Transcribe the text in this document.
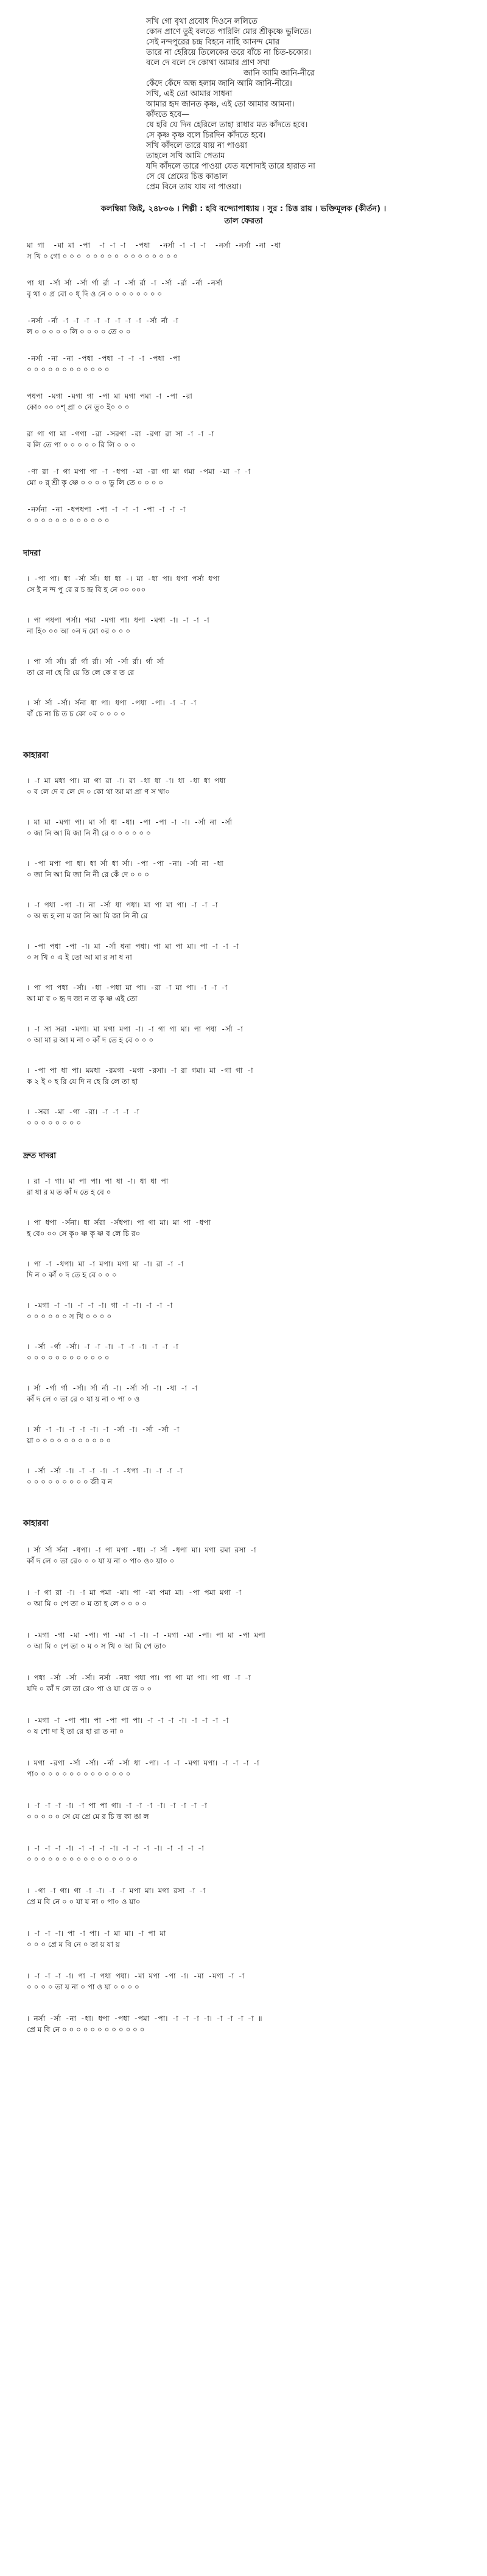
সখি গো বৃথা প্রবোধ দিওনে ললিতে
কোন প্রাণে তুই বলতে পারিলি মোর শ্রীকৃষ্ণে ভুলিতে।
সেই নন্দপুরের চন্দ্র বিহনে নাহি আনন্দ মোর
তারে না হেরিয়ে তিলেকের তরে বাঁচে না চিত-চকোর।
বলে দে বলে দে কোথা আমার প্রাণ সখা
জানি আমি জানি-নীরে
কেঁদে কেঁদে অন্ধ হলাম জানি আমি জানি-নীরে।
সখি, এই তো আমার সাধনা
আমার হৃদ জানত কৃষ্ণ, এই তো আমার আমনা।
কাঁদতে হবে—
যে হরি যে দিন হেরিলে তাহা রাধার মত কাঁদতে হবে।
সে কৃষ্ণ কৃষ্ণ বলে চিরদিন কাঁদতে হবে।
সখি কাঁদলে তারে যায় না পাওয়া
তাহলে সখি আমি পেতাম
যদি কাঁদলে তারে পাওয়া যেত যশোদাই তারে হারাত না
সে যে প্রেমের চিত্ত কাঙাল
প্রেম বিনে তায় যায় না পাওয়া।
কলম্বিয়া জিই, ২৪৮০৬ । শিল্পী : হবি বন্দ্যোপাধ্যায় । সুর : চিত্ত রায় । ভক্তিমূলক (কীর্তন) ।
তাল ফেরতা
মা গা  -মা মা -পা  -া -া -া  -পধা  -নর্সা -া -া -া  -নর্সা -নর্সা -না -ধা
স খি ০ গো ০ ০ ০  ০ ০ ০ ০ ০  ০ ০ ০ ০ ০ ০ ০ ০
পা ধা -র্সা র্সা -র্সা র্গা র্রা -া -র্সা র্রা -া -র্সা -র্রা -র্না -নর্সা
বৃ থা ০ প্র বো ০ ধ্ দি ও নে ০ ০ ০ ০ ০ ০ ০ ০
-নর্সা -র্না -া -া -া -া -া -া -া -া -র্সা র্না -া
ল ০ ০ ০ ০ ০ লি ০ ০ ০ ০ তে ০ ০
-নর্সা -না -না -পধা -পধা -া -া -া -পধা -পা
০ ০ ০ ০ ০ ০ ০ ০ ০ ০ ০ ০
পধপা -মগা -মগা গা -পা মা মগা পমা -া -পা -রা
কো০ ০০ ০শ্ প্রা ০ নে তু০ ই০ ০ ০
রা গা গা মা -গগা -রা -সরগা -রা -রগা রা সা -া -া -া
ব লি তে পা ০ ০ ০ ০ ০ রি লি ০ ০ ০
-ণা রা -া গা মপা পা -া -ধপা -মা -রা গা মা গমা -পমা -মা -া -া
মো ০ র্ শ্রী কৃ ষ্ণে ০ ০ ০ ০ ভু লি তে ০ ০ ০ ০
-নর্সনা -না -ধপধপা -পা -া -া -া -পা -া -া -া
০ ০ ০ ০ ০ ০ ০ ০ ০ ০ ০ ০
দাদরা
। -পা পা। ধা -র্সা র্সা। ধা ধা -। মা -ধা পা। ধপা পর্সা ধপা
সে ই ন ন্দ পু রে র চ ন্দ্র বি হ নে ০০ ০০০
। পা পধপা পর্সা। পমা -মগা পা। ধপা -মগা -া। -া -া -া
না হি০ ০০ আ ০ন দ মো ০র ০ ০ ০
। পা র্সা র্সা। র্রা র্গা র্রা। র্সা -র্সা র্রা। র্গা র্সা
তা রে না হে রি য়ে তি লে কে র ত রে
। র্সা র্সা -র্সা। র্সনা ধা পা। ধপা -পধা -পা। -া -া -া
বাঁ চে না চি ত চ কো ০র ০ ০ ০ ০
কাহারবা
। -া মা মধা পা। মা গা রা -া। রা -ধা ধা -া। ধা -ধা ধা পধা
০ ব লে দে ব লে দে ০ কো থা আ মা প্রা ণ স খা০
। মা মা -মগা পা। মা র্সা ধা -ধা। -পা -পা -া -া। -র্সা না -র্সা
০ জা নি আ মি জা নি নী রে ০ ০ ০ ০ ০ ০
। -পা মপা পা ধা। ধা র্সা ধা র্সা। -পা -পা -না। -র্সা না -ধা
০ জা নি আ মি জা নি নী রে কেঁ দে ০ ০ ০
। -া পধা -পা -া। না -র্সা ধা পধা। মা পা মা পা। -া -া -া
০ অ ন্ধ হ লা ম জা নি আ মি জা নি নী রে
। -পা পধা -পা -া। মা -র্সা ধনা পধা। পা মা পা মা। পা -া -া -া
০ স খি ০ এ ই তো আ মা র সা ধ না
। পা পা পধা -র্সা। -ধা -পধা মা পা। -রা -া মা পা। -া -া -া
আ মা র ০ হৃ দ জা ন ত কৃ ষ্ণ এই তো
। -া সা সরা -মগা। মা মগা মপা -া। -া গা গা মা। পা পধা -র্সা -া
০ আ মা র আ ম না ০ কাঁ দ তে হ বে ০ ০ ০
। -পা পা ধা পা। মমধা -রমগা -মগা -রসা। -া রা গমা। মা -গা গা -া
ক ২ ই ০ হ রি যে দি ন হে রি লে তা হা
। -সরা -মা -গা -রা। -া -া -া -া
০ ০ ০ ০ ০ ০ ০ ০
দ্রুত দাদরা
। রা -া গা। মা পা পা। পা ধা -া। ধা ধা পা
রা ধা র ম ত কাঁ দ তে হ বে ০
। পা ধপা -র্সনা। ধা র্সরা -র্সধপা। পা গা মা। মা পা -ধপা
হ বে০ ০০ সে কৃ০ ষ্ণ কৃ ষ্ণ ব লে চি র০
। পা -া -ধপা। মা -া মপা। মগা মা -া। রা -া -া
দি ন ০ কাঁ ০ দ তে হ বে ০ ০ ০
। -মগা -া -া। -া -া -া। গা -া -া। -া -া -া
০ ০ ০ ০ ০ ০ স খি ০ ০ ০ ০
। -র্সা -র্গা -র্সা। -া -া -া। -া -া -া। -া -া -া
০ ০ ০ ০ ০ ০ ০ ০ ০ ০ ০ ০
। র্সা -র্গা র্গা -র্সা। র্সা র্না -া। -র্সা র্সা -া। -ধা -া -া
কাঁ দ লে ০ তা রে ০ যা য় না ০ পা ০ ও
। র্সা -া -া। -া -া -া। -া -র্সা -া। -র্সা -র্সা -া
য়া ০ ০ ০ ০ ০ ০ ০ ০ ০ ০ ০
। -র্সা -র্সা -া। -া -া -া। -া -ধপা -া। -া -া -া
০ ০ ০ ০ ০ ০ ০ ০ ০ জী ব ন
কাহারবা
। র্সা র্সা র্সনা -ধপা। -া পা মপা -ধা। -া র্সা -ধপা মা। মগা রমা রসা -া
কাঁ দ লে ০ তা রে০ ০ ০ যা য় না ০ পা০ ও০ য়া০ ০
। -া গা রা -া। -া মা পমা -মা। পা -মা পমা মা। -পা পমা মগা -া
০ আ মি ০ পে তা ০ ম তা হ লে ০ ০ ০ ০
। -মগা -গা -মা -পা। পা -মা -া -া। -া -মগা -মা -পা। পা মা -পা মপা
০ আ মি ০ পে তা ০ ম ০ স খি ০ আ মি পে তা০
। পধা -র্সা -র্সা -র্সা। নর্সা -নধা পধা পা। পা গা মা পা। পা গা -া -া
যদি ০ কাঁ দ লে তা রে০ পা ও য়া যে ত ০ ০
। -মগা -া -পা পা। পা -পা পা পা। -া -া -া -া। -া -া -া -া
০ য শো দা ই তা রে হা রা ত না ০
। মগা -রগা -র্সা -র্সা। -র্না -র্সা ধা -পা। -া -া -মগা মপা। -া -া -া -া
পা০ ০ ০ ০ ০ ০ ০ ০ ০ ০ ০ ০ ০ ০
। -া -া -া -া। -া পা পা গা। -া -া -া -া। -া -া -া -া
০ ০ ০ ০ ০ সে যে প্রে মে র চি ত্ত কা ঙা ল
। -া -া -া -া। -া -া -া -া। -া -া -া -া। -া -া -া -া
০ ০ ০ ০ ০ ০ ০ ০ ০ ০ ০ ০ ০ ০ ০ ০
। -গা -া গা। গা -া -া। -া -া মপা মা। মগা রসা -া -া
প্রে ম বি নে ০ ০ যা য় না ০ পা০ ও য়া০
। -া -া -া। পা -া পা। -া মা মা। -া পা মা
০ ০ ০ প্রে ম বি নে ০ তা য় যা য়
। -া -া -া -া। পা -া পধা পধা। -মা মপা -পা -া। -মা -মগা -া -া
০ ০ ০ ০ তা য় না ০ পা ও য়া ০ ০ ০ ০
। নর্সা -র্সা -না -ধা। ধপা -পধা -পমা -পা। -া -া -া -া। -া -া -া -া ॥
প্রে ম বি নে ০ ০ ০ ০ ০ ০ ০ ০ ০ ০ ০ ০
